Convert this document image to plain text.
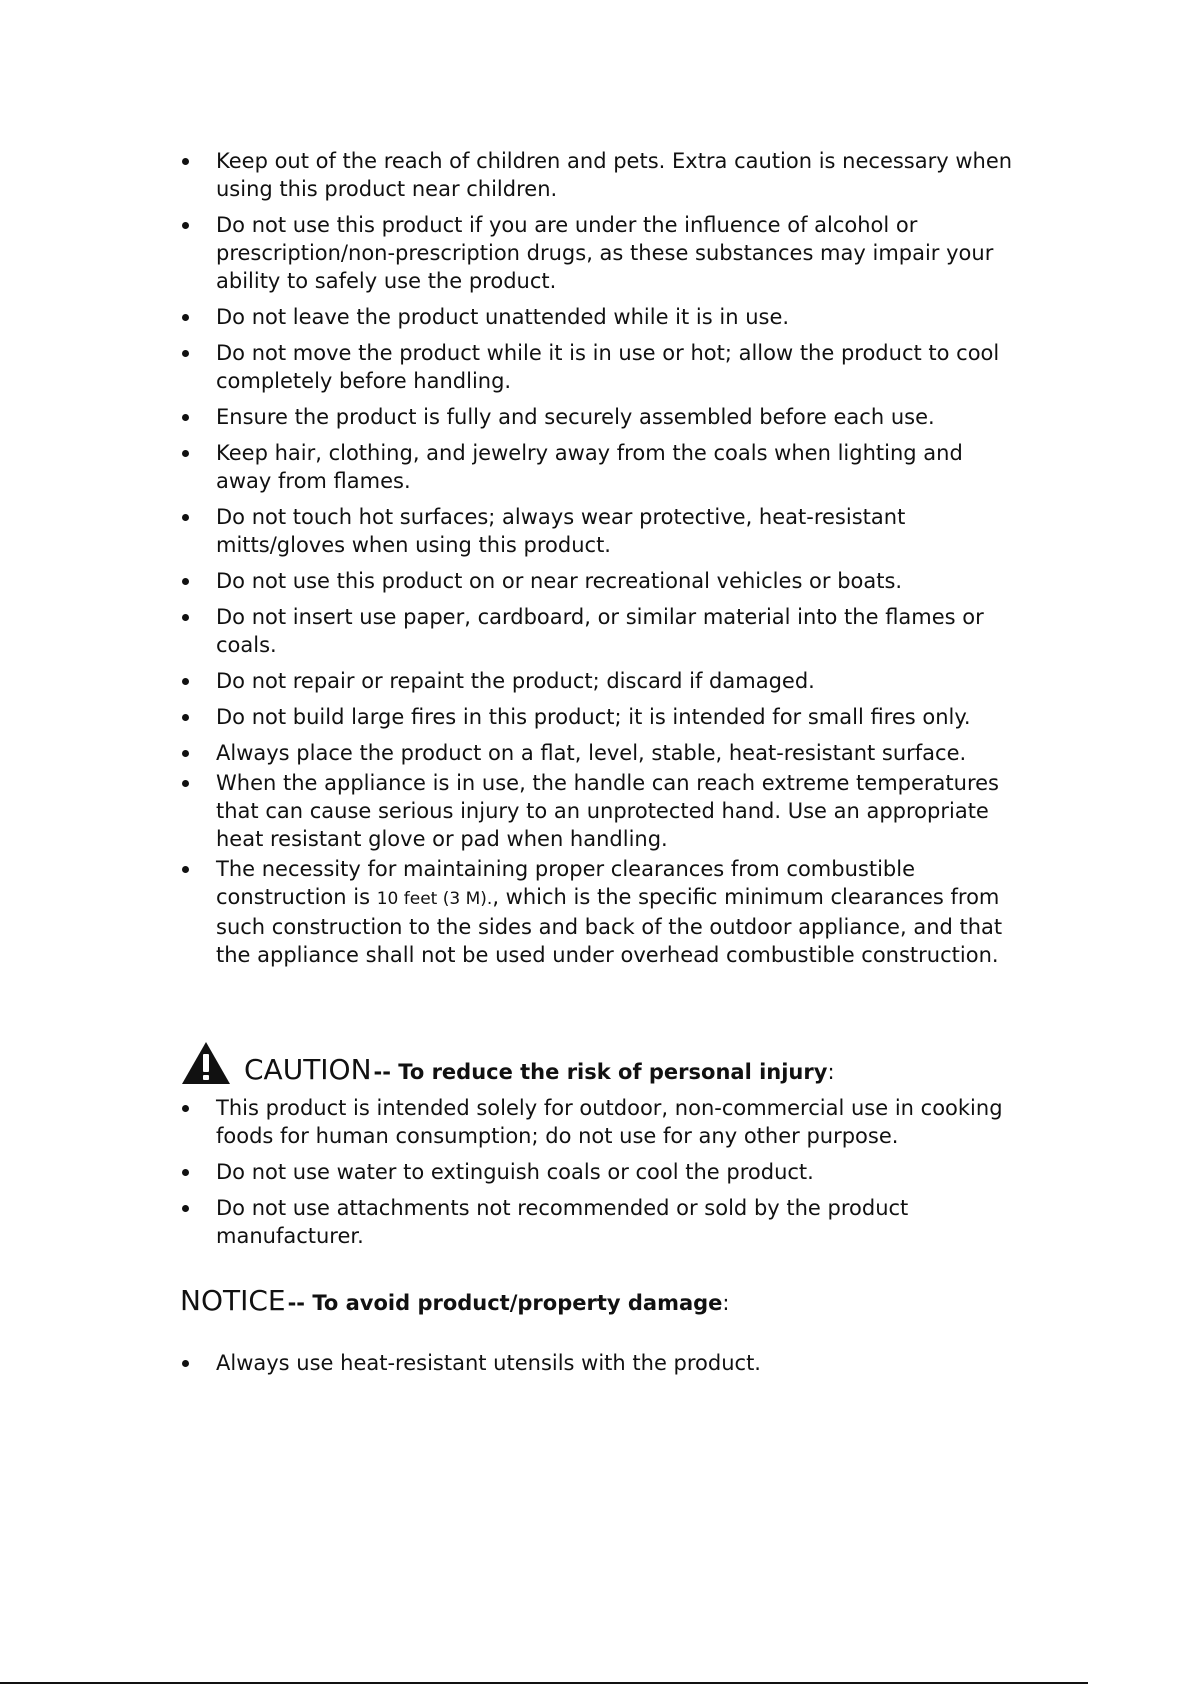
Keep out of the reach of children and pets. Extra caution is necessary when using this product near children.
Do not use this product if you are under the influence of alcohol or prescription/non-prescription drugs, as these substances may impair your ability to safely use the product.
Do not leave the product unattended while it is in use.
Do not move the product while it is in use or hot; allow the product to cool completely before handling.
Ensure the product is fully and securely assembled before each use.
Keep hair, clothing, and jewelry away from the coals when lighting and away from flames.
Do not touch hot surfaces; always wear protective, heat-resistant mitts/gloves when using this product.
Do not use this product on or near recreational vehicles or boats.
Do not insert use paper, cardboard, or similar material into the flames or coals.
Do not repair or repaint the product; discard if damaged.
Do not build large fires in this product; it is intended for small fires only.
Always place the product on a flat, level, stable, heat-resistant surface.
When the appliance is in use, the handle can reach extreme temperatures that can cause serious injury to an unprotected hand. Use an appropriate heat resistant glove or pad when handling.
The necessity for maintaining proper clearances from combustible construction is 10 feet (3 M)., which is the specific minimum clearances from such construction to the sides and back of the outdoor appliance, and that the appliance shall not be used under overhead combustible construction.
CAUTION -- To reduce the risk of personal injury :
This product is intended solely for outdoor, non-commercial use in cooking foods for human consumption; do not use for any other purpose.
Do not use water to extinguish coals or cool the product.
Do not use attachments not recommended or sold by the product manufacturer.
NOTICE -- To avoid product/property damage :
Always use heat-resistant utensils with the product.
